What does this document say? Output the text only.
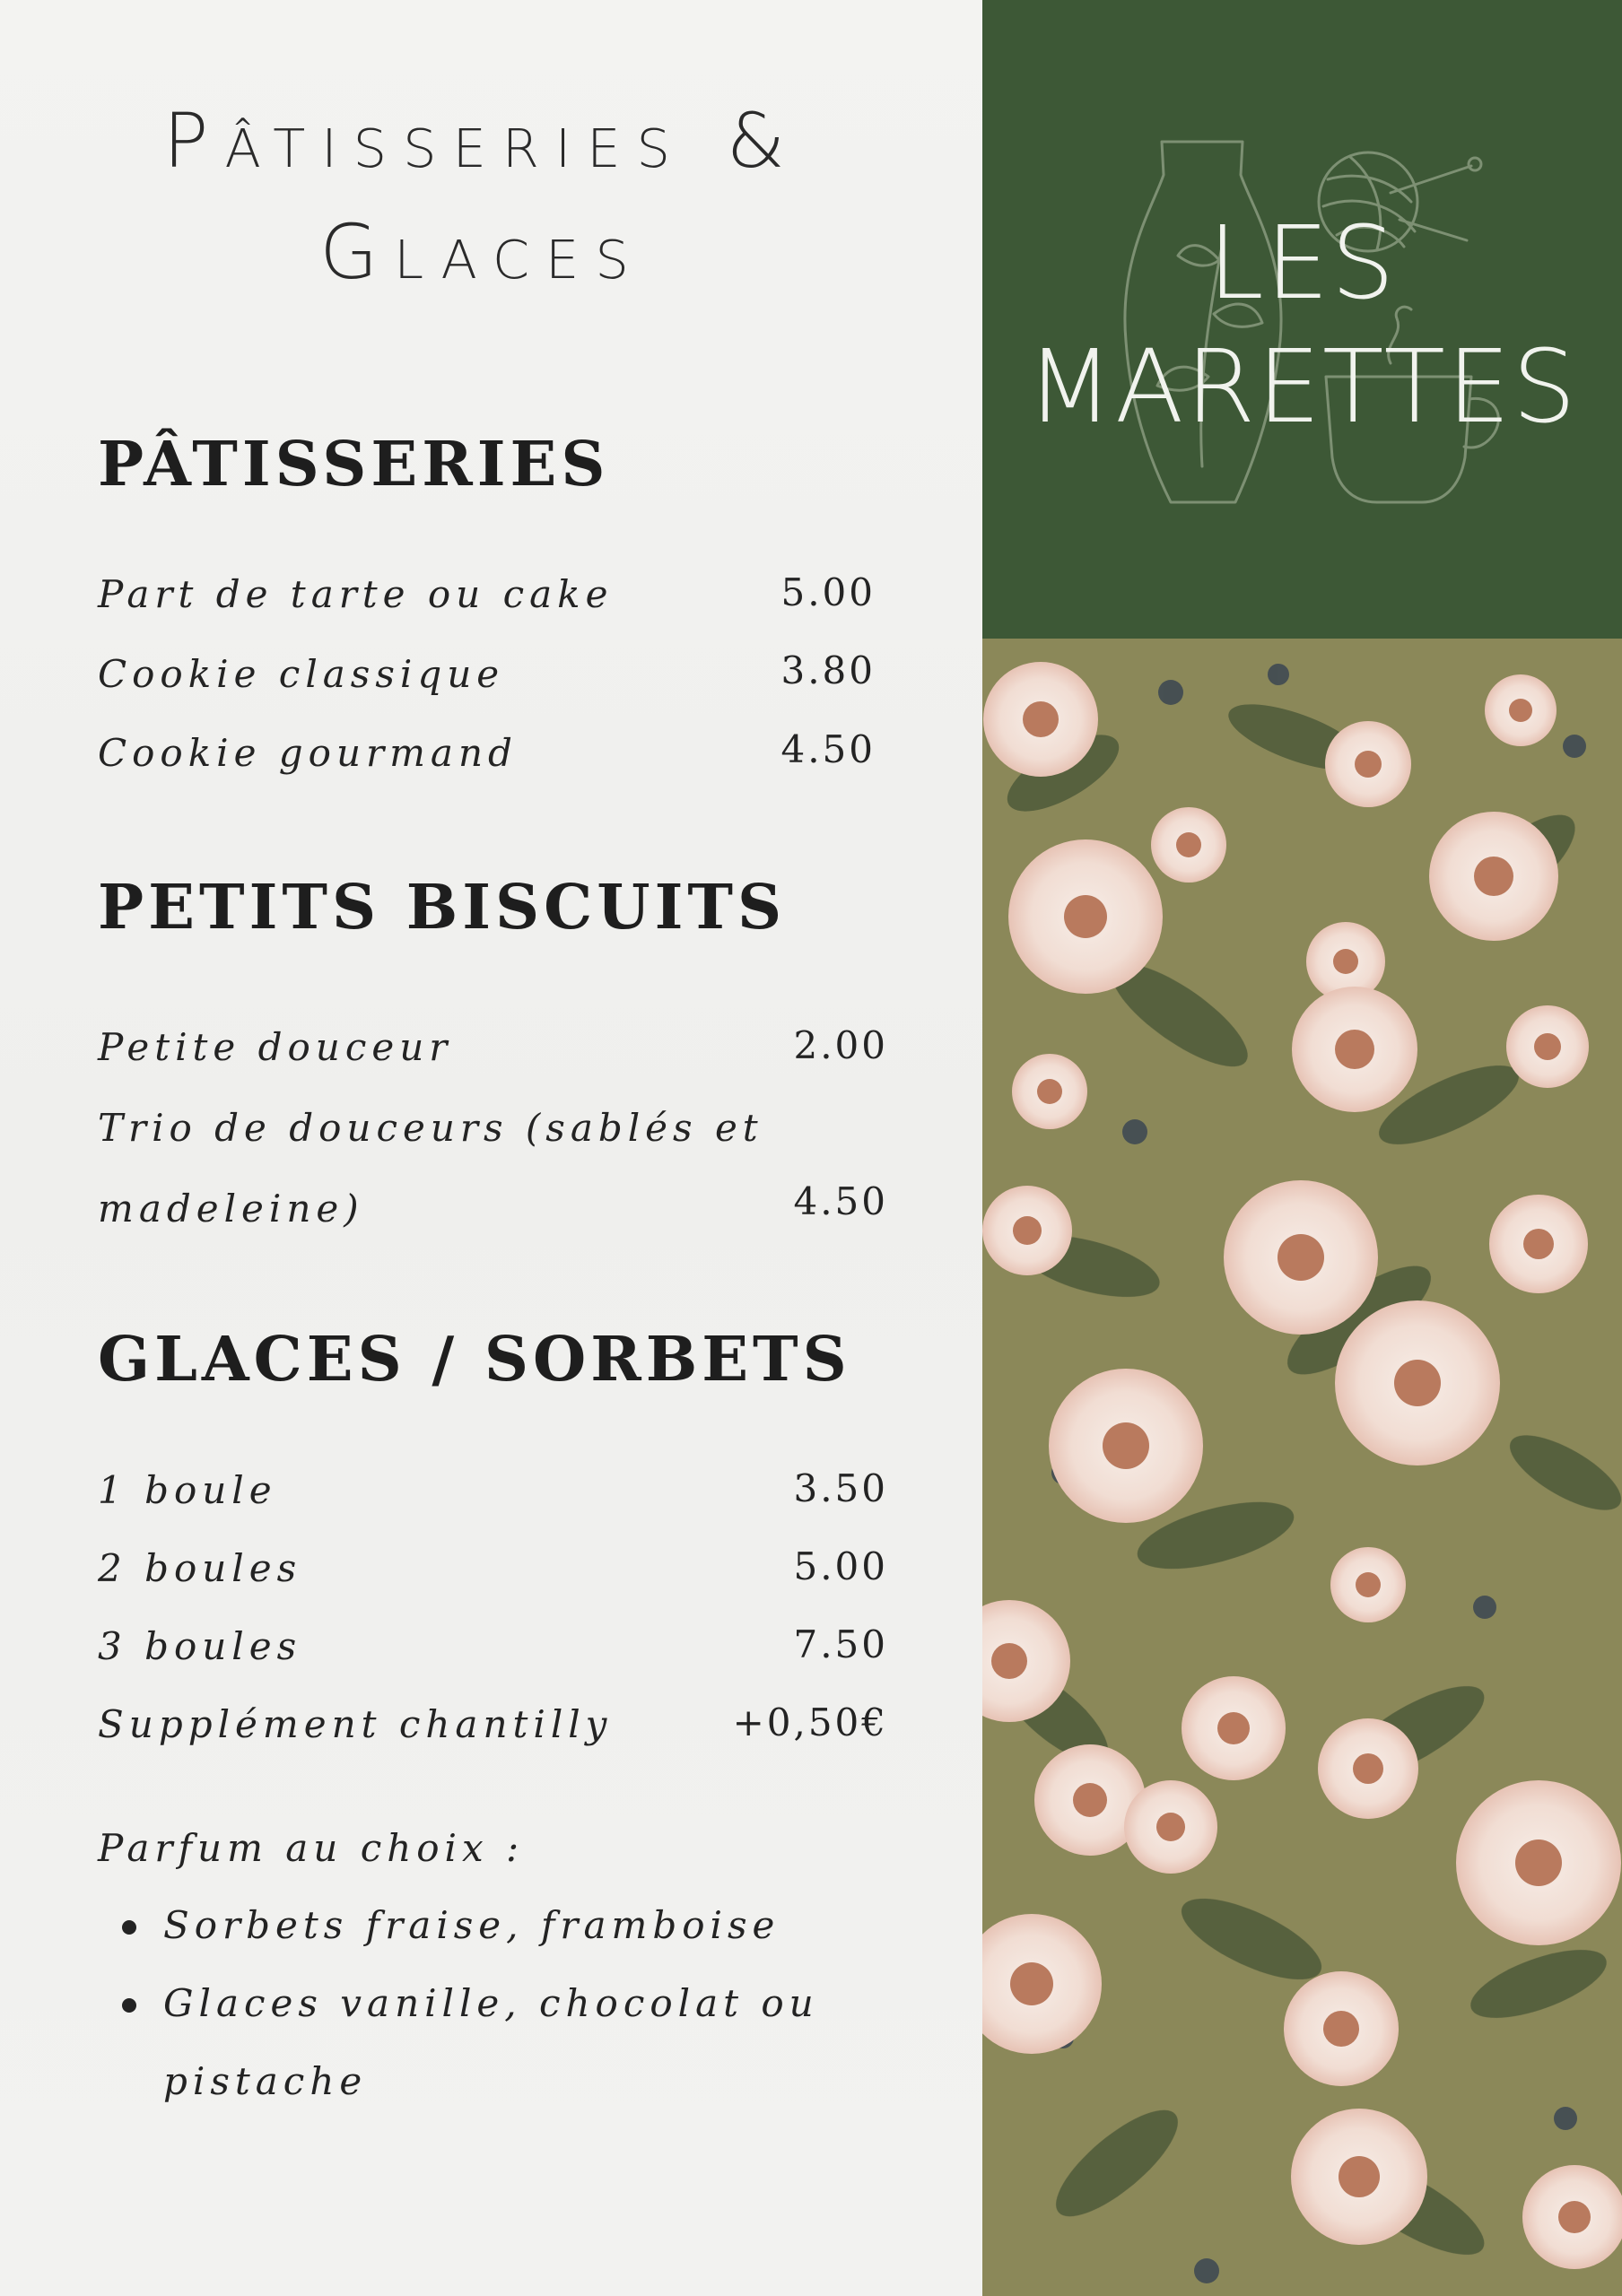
LES
MARETTES
Pâtisseries &
Glaces
PÂTISSERIES
Part de tarte ou cake	5.00
Cookie classique	3.80
Cookie gourmand	4.50
PETITS BISCUITS
Petite douceur	2.00
Trio de douceurs (sablés et
madeleine)	4.50
GLACES / SORBETS
1 boule	3.50
2 boules	5.00
3 boules	7.50
Supplément chantilly	+0,50€
Parfum au choix :
Sorbets fraise, framboise
Glaces vanille, chocolat ou
pistache
